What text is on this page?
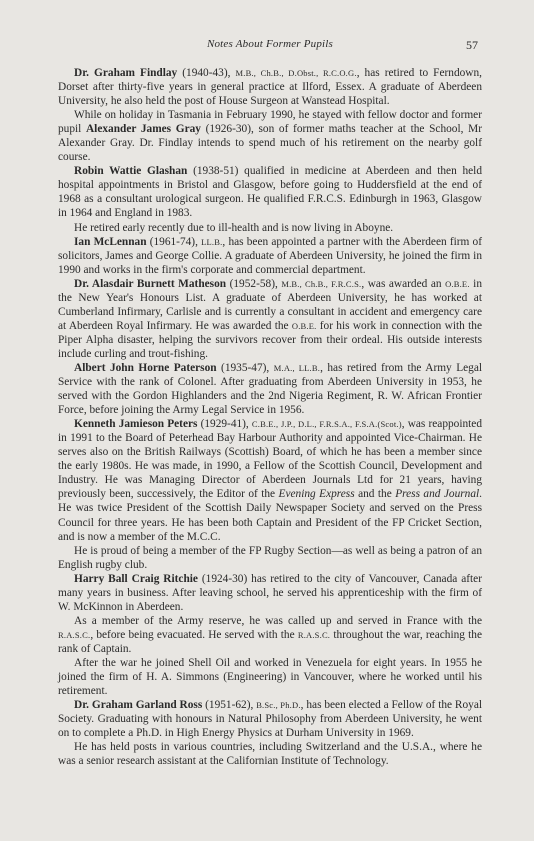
Notes About Former Pupils	57

Dr. Graham Findlay (1940-43), M.B., Ch.B., D.Obst., R.C.O.G., has retired to Ferndown, Dorset after thirty-five years in general practice at Ilford, Essex. A graduate of Aberdeen University, he also held the post of House Surgeon at Wanstead Hospital.

While on holiday in Tasmania in February 1990, he stayed with fellow doctor and former pupil Alexander James Gray (1926-30), son of former maths teacher at the School, Mr Alexander Gray. Dr. Findlay intends to spend much of his retirement on the nearby golf course.

Robin Wattie Glashan (1938-51) qualified in medicine at Aberdeen and then held hospital appointments in Bristol and Glasgow, before going to Huddersfield at the end of 1968 as a consultant urological surgeon. He qualified F.R.C.S. Edinburgh in 1963, Glasgow in 1964 and England in 1983.

He retired early recently due to ill-health and is now living in Aboyne.

Ian McLennan (1961-74), LL.B., has been appointed a partner with the Aberdeen firm of solicitors, James and George Collie. A graduate of Aberdeen University, he joined the firm in 1990 and works in the firm's corporate and commercial department.

Dr. Alasdair Burnett Matheson (1952-58), M.B., Ch.B., F.R.C.S., was awarded an O.B.E. in the New Year's Honours List. A graduate of Aberdeen University, he has worked at Cumberland Infirmary, Carlisle and is currently a consultant in accident and emergency care at Aberdeen Royal Infirmary. He was awarded the O.B.E. for his work in connection with the Piper Alpha disaster, helping the survivors recover from their ordeal. His outside interests include curling and trout-fishing.

Albert John Horne Paterson (1935-47), M.A., LL.B., has retired from the Army Legal Service with the rank of Colonel. After graduating from Aberdeen University in 1953, he served with the Gordon Highlanders and the 2nd Nigeria Regiment, R. W. African Frontier Force, before joining the Army Legal Service in 1956.

Kenneth Jamieson Peters (1929-41), C.B.E., J.P., D.L., F.R.S.A., F.S.A.(Scot.), was reappointed in 1991 to the Board of Peterhead Bay Harbour Authority and appointed Vice-Chairman. He serves also on the British Railways (Scottish) Board, of which he has been a member since the early 1980s. He was made, in 1990, a Fellow of the Scottish Council, Development and Industry. He was Managing Director of Aberdeen Journals Ltd for 21 years, having previously been, successively, the Editor of the Evening Express and the Press and Journal. He was twice President of the Scottish Daily Newspaper Society and served on the Press Council for three years. He has been both Captain and President of the FP Cricket Section, and is now a member of the M.C.C.

He is proud of being a member of the FP Rugby Section—as well as being a patron of an English rugby club.

Harry Ball Craig Ritchie (1924-30) has retired to the city of Vancouver, Canada after many years in business. After leaving school, he served his apprenticeship with the firm of W. McKinnon in Aberdeen.

As a member of the Army reserve, he was called up and served in France with the R.A.S.C., before being evacuated. He served with the R.A.S.C. throughout the war, reaching the rank of Captain.

After the war he joined Shell Oil and worked in Venezuela for eight years. In 1955 he joined the firm of H. A. Simmons (Engineering) in Vancouver, where he worked until his retirement.

Dr. Graham Garland Ross (1951-62), B.Sc., Ph.D., has been elected a Fellow of the Royal Society. Graduating with honours in Natural Philosophy from Aberdeen University, he went on to complete a Ph.D. in High Energy Physics at Durham University in 1969.

He has held posts in various countries, including Switzerland and the U.S.A., where he was a senior research assistant at the Californian Institute of Technology.
